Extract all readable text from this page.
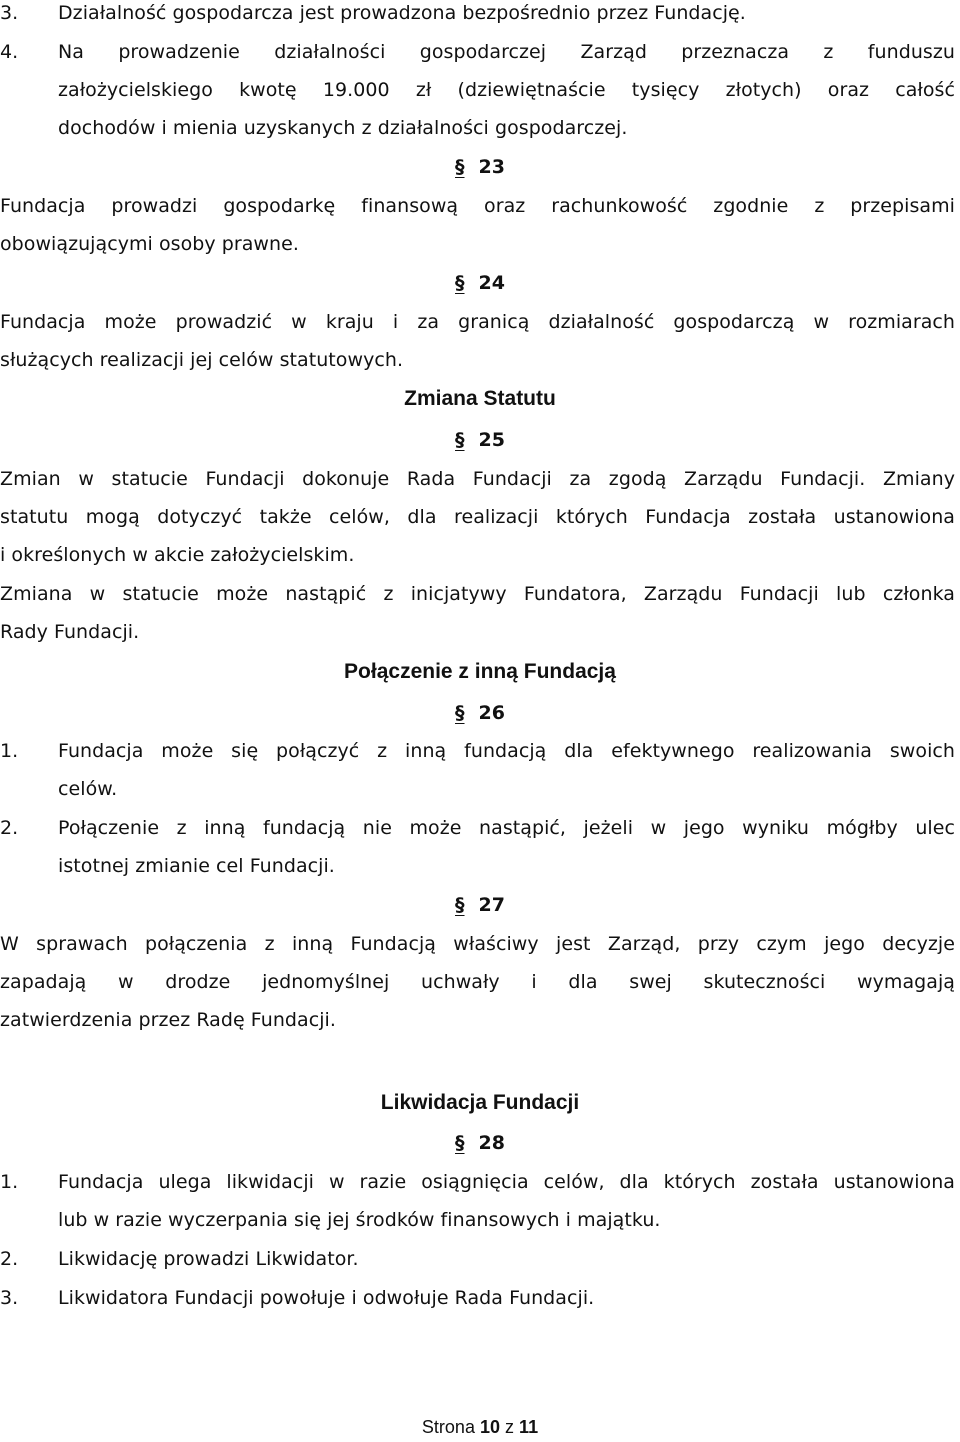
3. Działalność gospodarcza jest prowadzona bezpośrednio przez Fundację.
4. Na prowadzenie działalności gospodarczej Zarząd przeznacza z funduszu
założycielskiego kwotę 19.000 zł (dziewiętnaście tysięcy złotych) oraz całość
dochodów i mienia uzyskanych z działalności gospodarczej.
§ 23
Fundacja prowadzi gospodarkę finansową oraz rachunkowość zgodnie z przepisami
obowiązującymi osoby prawne.
§ 24
Fundacja może prowadzić w kraju i za granicą działalność gospodarczą w rozmiarach
służących realizacji jej celów statutowych.
Zmiana Statutu
§ 25
Zmian w statucie Fundacji dokonuje Rada Fundacji za zgodą Zarządu Fundacji. Zmiany
statutu mogą dotyczyć także celów, dla realizacji których Fundacja została ustanowiona
i określonych w akcie założycielskim.
Zmiana w statucie może nastąpić z inicjatywy Fundatora, Zarządu Fundacji lub członka
Rady Fundacji.
Połączenie z inną Fundacją
§ 26
1. Fundacja może się połączyć z inną fundacją dla efektywnego realizowania swoich
celów.
2. Połączenie z inną fundacją nie może nastąpić, jeżeli w jego wyniku mógłby ulec
istotnej zmianie cel Fundacji.
§ 27
W sprawach połączenia z inną Fundacją właściwy jest Zarząd, przy czym jego decyzje
zapadają w drodze jednomyślnej uchwały i dla swej skuteczności wymagają
zatwierdzenia przez Radę Fundacji.
Likwidacja Fundacji
§ 28
1. Fundacja ulega likwidacji w razie osiągnięcia celów, dla których została ustanowiona
lub w razie wyczerpania się jej środków finansowych i majątku.
2. Likwidację prowadzi Likwidator.
3. Likwidatora Fundacji powołuje i odwołuje Rada Fundacji.
Strona 10 z 11
